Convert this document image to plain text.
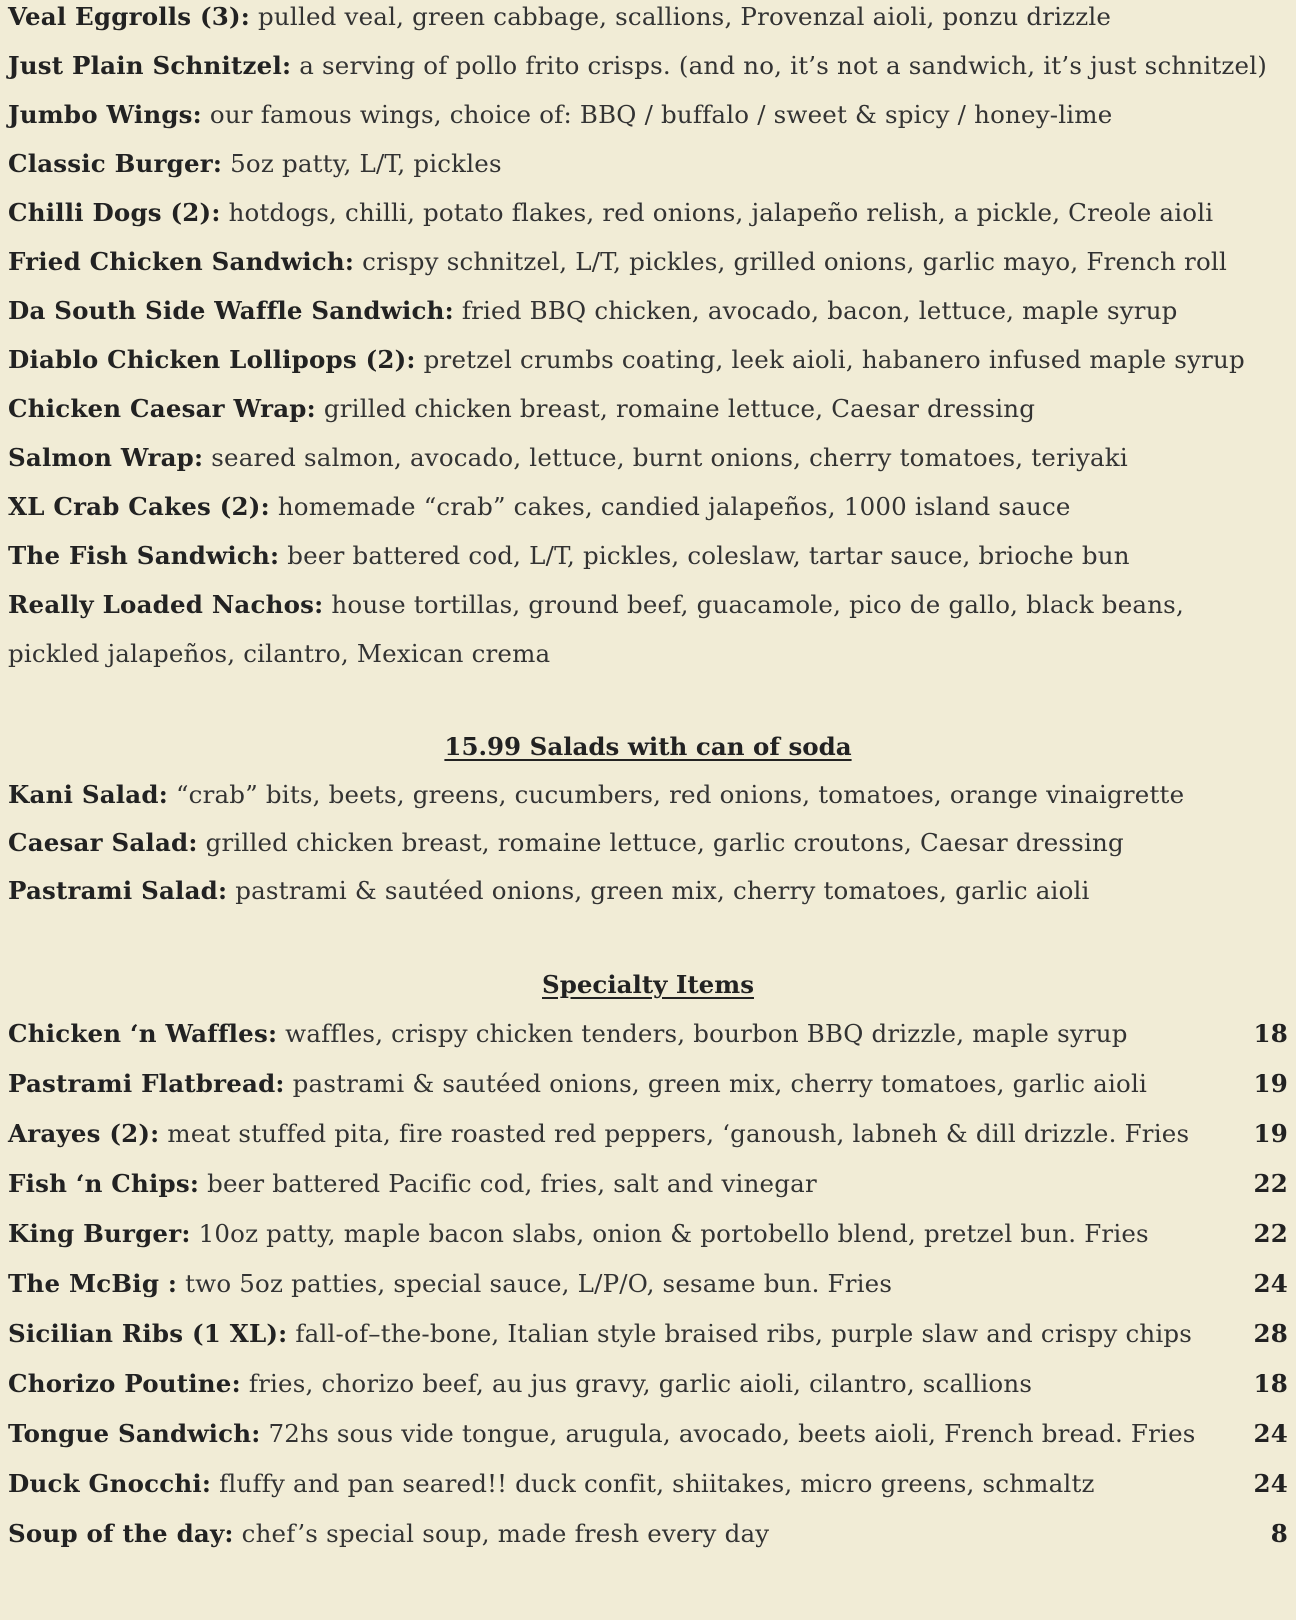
Veal Eggrolls (3): pulled veal, green cabbage, scallions, Provenzal aioli, ponzu drizzle
Just Plain Schnitzel: a serving of pollo frito crisps. (and no, it’s not a sandwich, it’s just schnitzel)
Jumbo Wings: our famous wings, choice of: BBQ / buffalo / sweet & spicy / honey-lime
Classic Burger: 5oz patty, L/T, pickles
Chilli Dogs (2): hotdogs, chilli, potato flakes, red onions, jalapeño relish, a pickle, Creole aioli
Fried Chicken Sandwich: crispy schnitzel, L/T, pickles, grilled onions, garlic mayo, French roll
Da South Side Waffle Sandwich: fried BBQ chicken, avocado, bacon, lettuce, maple syrup
Diablo Chicken Lollipops (2): pretzel crumbs coating, leek aioli, habanero infused maple syrup
Chicken Caesar Wrap: grilled chicken breast, romaine lettuce, Caesar dressing
Salmon Wrap: seared salmon, avocado, lettuce, burnt onions, cherry tomatoes, teriyaki
XL Crab Cakes (2): homemade “crab” cakes, candied jalapeños, 1000 island sauce
The Fish Sandwich: beer battered cod, L/T, pickles, coleslaw, tartar sauce, brioche bun
Really Loaded Nachos: house tortillas, ground beef, guacamole, pico de gallo, black beans,
pickled jalapeños, cilantro, Mexican crema
15.99 Salads with can of soda
Kani Salad: “crab” bits, beets, greens, cucumbers, red onions, tomatoes, orange vinaigrette
Caesar Salad: grilled chicken breast, romaine lettuce, garlic croutons, Caesar dressing
Pastrami Salad: pastrami & sautéed onions, green mix, cherry tomatoes, garlic aioli
Specialty Items
Chicken ‘n Waffles: waffles, crispy chicken tenders, bourbon BBQ drizzle, maple syrup	18
Pastrami Flatbread: pastrami & sautéed onions, green mix, cherry tomatoes, garlic aioli	19
Arayes (2): meat stuffed pita, fire roasted red peppers, ‘ganoush, labneh & dill drizzle. Fries	19
Fish ‘n Chips: beer battered Pacific cod, fries, salt and vinegar	22
King Burger: 10oz patty, maple bacon slabs, onion & portobello blend, pretzel bun. Fries	22
The McBig : two 5oz patties, special sauce, L/P/O, sesame bun. Fries	24
Sicilian Ribs (1 XL): fall-of–the-bone, Italian style braised ribs, purple slaw and crispy chips	28
Chorizo Poutine: fries, chorizo beef, au jus gravy, garlic aioli, cilantro, scallions	18
Tongue Sandwich: 72hs sous vide tongue, arugula, avocado, beets aioli, French bread. Fries	24
Duck Gnocchi: fluffy and pan seared!! duck confit, shiitakes, micro greens, schmaltz	24
Soup of the day: chef’s special soup, made fresh every day	8
